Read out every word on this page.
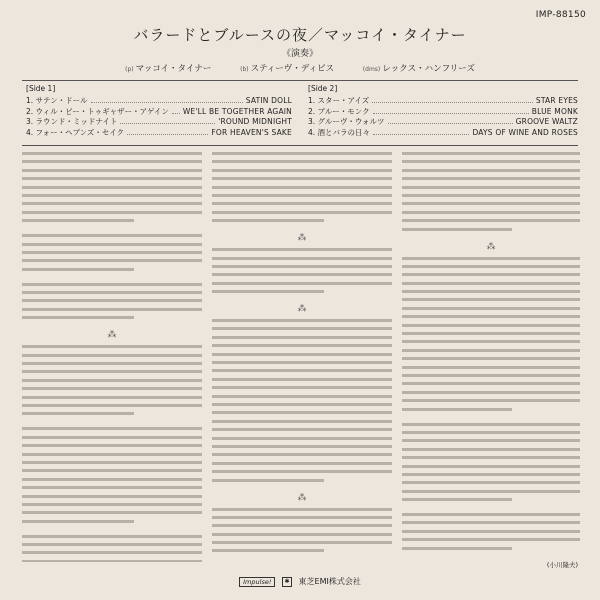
IMP-88150
バラードとブルースの夜／マッコイ・タイナー
《演奏》
(p) マッコイ・タイナー	(b) スティーヴ・ディビス	(dms) レックス・ハンフリーズ
[Side 1]
1. サテン・ドール	SATIN DOLL
2. ウィル・ビー・トゥギャザー・アゲイン WE'LL BE TOGETHER AGAIN
3. ラウンド・ミッドナイト	'ROUND MIDNIGHT
4. フォー・ヘブンズ・セイク	FOR HEAVEN'S SAKE
[Side 2]
1. スター・アイズ	STAR EYES
2. ブルー・モンク	BLUE MONK
3. グルーヴ・ウォルツ	GROOVE WALTZ
4. 酒とバラの日々	DAYS OF WINE AND ROSES
⁂
⁂
⁂
⁂
⁂
(小川隆夫)
Impulse! ✱ 東芝EMI株式会社
